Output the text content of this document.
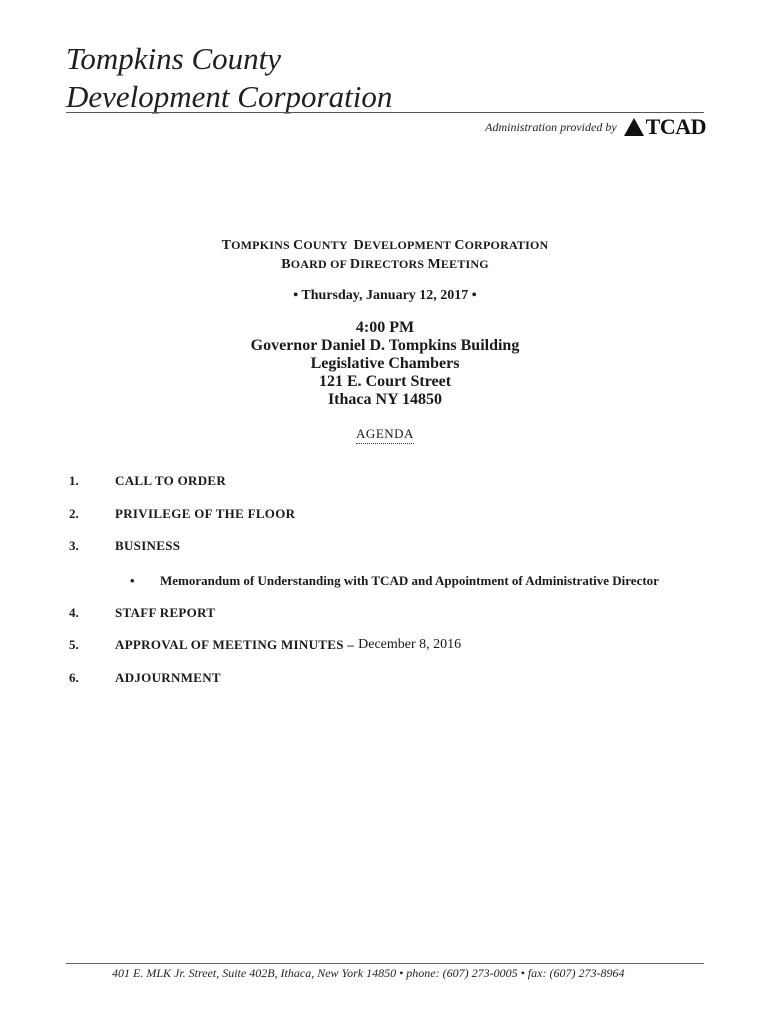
Tompkins County
Development Corporation
Administration provided by TCAD
TOMPKINS COUNTY  DEVELOPMENT CORPORATION
BOARD OF DIRECTORS MEETING
• Thursday, January 12, 2017 •
4:00 PM
Governor Daniel D. Tompkins Building
Legislative Chambers
121 E. Court Street
Ithaca NY 14850
AGENDA
1.	CALL TO ORDER
2.	PRIVILEGE OF THE FLOOR
3.	BUSINESS
•	Memorandum of Understanding with TCAD and Appointment of Administrative Director
4.	STAFF REPORT
5.	APPROVAL OF MEETING MINUTES – December 8, 2016
6.	ADJOURNMENT
401 E. MLK Jr. Street, Suite 402B, Ithaca, New York 14850 • phone: (607) 273-0005 • fax: (607) 273-8964
